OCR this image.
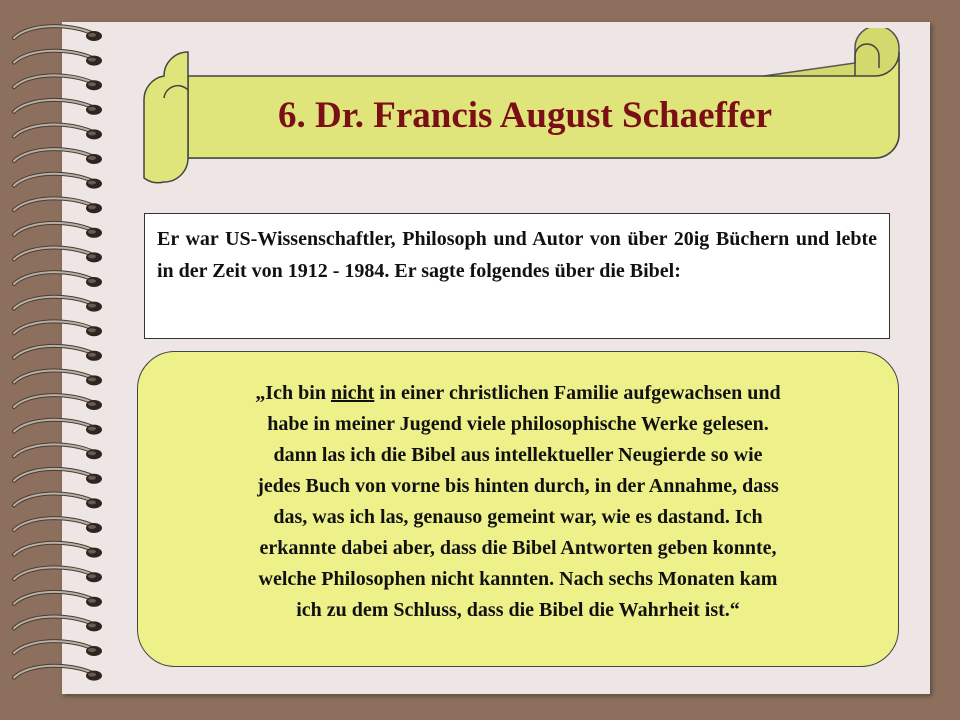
6. Dr. Francis August Schaeffer

Er war US-Wissenschaftler, Philosoph und Autor von über 20ig Büchern und lebte in der Zeit von 1912 - 1984. Er sagte folgendes über die Bibel:

„Ich bin nicht in einer christlichen Familie aufgewachsen und
habe in meiner Jugend viele philosophische Werke gelesen.
dann las ich die Bibel aus intellektueller Neugierde so wie
jedes Buch von vorne bis hinten durch, in der Annahme, dass
das, was ich las, genauso gemeint war, wie es dastand. Ich
erkannte dabei aber, dass die Bibel Antworten geben konnte,
welche Philosophen nicht kannten. Nach sechs Monaten kam
ich zu dem Schluss, dass die Bibel die Wahrheit ist.“
